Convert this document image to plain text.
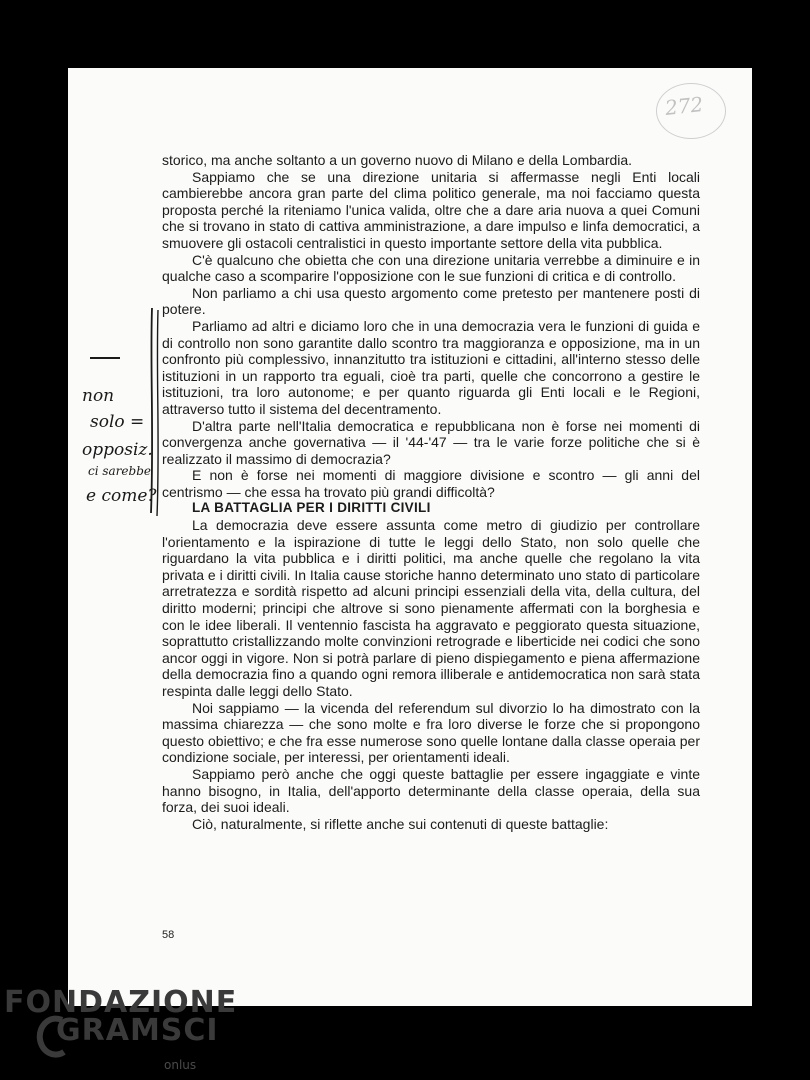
272
non
solo =
opposiz.
ci sarebbe
e come?

storico, ma anche soltanto a un governo nuovo di Milano e della Lombardia.

Sappiamo che se una direzione unitaria si affermasse negli Enti locali cambierebbe ancora gran parte del clima politico generale, ma noi facciamo questa proposta perché la riteniamo l'unica valida, oltre che a dare aria nuova a quei Comuni che si trovano in stato di cattiva amministrazione, a dare impulso e linfa democratici, a smuovere gli ostacoli centralistici in questo importante settore della vita pubblica.

C'è qualcuno che obietta che con una direzione unitaria verrebbe a diminuire e in qualche caso a scomparire l'opposizione con le sue funzioni di critica e di controllo.

Non parliamo a chi usa questo argomento come pretesto per mantenere posti di potere.

Parliamo ad altri e diciamo loro che in una democrazia vera le funzioni di guida e di controllo non sono garantite dallo scontro tra maggioranza e opposizione, ma in un confronto più complessivo, innanzitutto tra istituzioni e cittadini, all'interno stesso delle istituzioni in un rapporto tra eguali, cioè tra parti, quelle che concorrono a gestire le istituzioni, tra loro autonome; e per quanto riguarda gli Enti locali e le Regioni, attraverso tutto il sistema del decentramento.

D'altra parte nell'Italia democratica e repubblicana non è forse nei momenti di convergenza anche governativa — il '44-'47 — tra le varie forze politiche che si è realizzato il massimo di democrazia?

E non è forse nei momenti di maggiore divisione e scontro — gli anni del centrismo — che essa ha trovato più grandi difficoltà?

LA BATTAGLIA PER I DIRITTI CIVILI

La democrazia deve essere assunta come metro di giudizio per controllare l'orientamento e la ispirazione di tutte le leggi dello Stato, non solo quelle che riguardano la vita pubblica e i diritti politici, ma anche quelle che regolano la vita privata e i diritti civili. In Italia cause storiche hanno determinato uno stato di particolare arretratezza e sordità rispetto ad alcuni principi essenziali della vita, della cultura, del diritto moderni; principi che altrove si sono pienamente affermati con la borghesia e con le idee liberali. Il ventennio fascista ha aggravato e peggiorato questa situazione, soprattutto cristallizzando molte convinzioni retrograde e liberticide nei codici che sono ancor oggi in vigore. Non si potrà parlare di pieno dispiegamento e piena affermazione della democrazia fino a quando ogni remora illiberale e antidemocratica non sarà stata respinta dalle leggi dello Stato.

Noi sappiamo — la vicenda del referendum sul divorzio lo ha dimostrato con la massima chiarezza — che sono molte e fra loro diverse le forze che si propongono questo obiettivo; e che fra esse numerose sono quelle lontane dalla classe operaia per condizione sociale, per interessi, per orientamenti ideali.

Sappiamo però anche che oggi queste battaglie per essere ingaggiate e vinte hanno bisogno, in Italia, dell'apporto determinante della classe operaia, della sua forza, dei suoi ideali.

Ciò, naturalmente, si riflette anche sui contenuti di queste battaglie:

58
FONDAZIONE
GRAMSCI
onlus
